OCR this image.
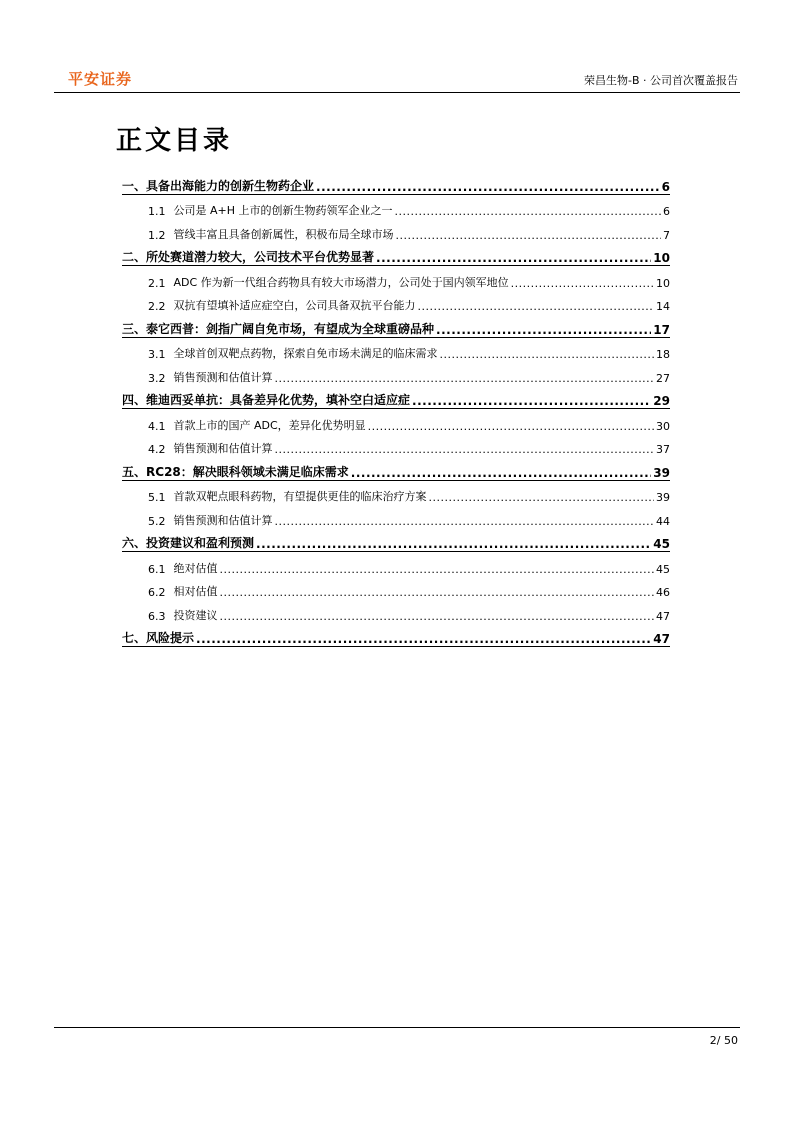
平安证券	荣昌生物-B · 公司首次覆盖报告
正文目录
一、 具备出海能力的创新生物药企业 .....	6
1.1 公司是 A+H 上市的创新生物药领军企业之一 .....	6
1.2 管线丰富且具备创新属性，积极布局全球市场 .....	7
二、 所处赛道潜力较大，公司技术平台优势显著 .....	10
2.1 ADC 作为新一代组合药物具有较大市场潜力，公司处于国内领军地位 .....	10
2.2 双抗有望填补适应症空白，公司具备双抗平台能力 .....	14
三、 泰它西普：剑指广阔自免市场，有望成为全球重磅品种 .....	17
3.1 全球首创双靶点药物，探索自免市场未满足的临床需求 .....	18
3.2 销售预测和估值计算 .....	27
四、 维迪西妥单抗：具备差异化优势，填补空白适应症 .....	29
4.1 首款上市的国产 ADC，差异化优势明显 .....	30
4.2 销售预测和估值计算 .....	37
五、 RC28：解决眼科领域未满足临床需求 .....	39
5.1 首款双靶点眼科药物，有望提供更佳的临床治疗方案 .....	39
5.2 销售预测和估值计算 .....	44
六、 投资建议和盈利预测 .....	45
6.1 绝对估值 .....	45
6.2 相对估值 .....	46
6.3 投资建议 .....	47
七、 风险提示 .....	47
2/ 50
